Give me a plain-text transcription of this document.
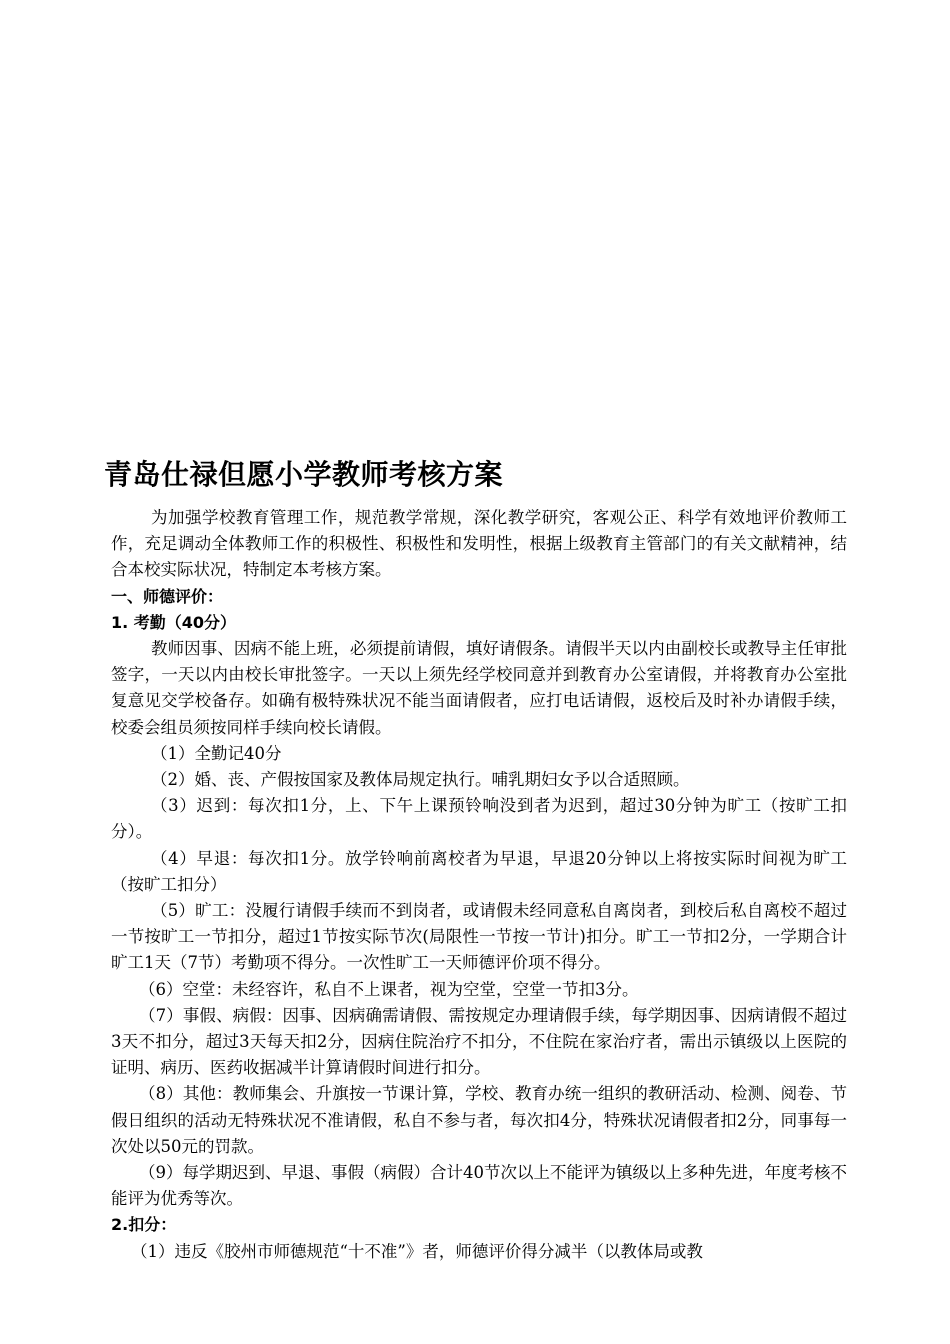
青岛仕禄但愿小学教师考核方案

为加强学校教育管理工作，规范教学常规，深化教学研究，客观公正、科学有效地评价教师工作，充足调动全体教师工作的积极性、积极性和发明性，根据上级教育主管部门的有关文献精神，结合本校实际状况，特制定本考核方案。

一、师德评价：

1. 考勤（40分）

教师因事、因病不能上班，必须提前请假，填好请假条。请假半天以内由副校长或教导主任审批签字，一天以内由校长审批签字。一天以上须先经学校同意并到教育办公室请假，并将教育办公室批复意见交学校备存。如确有极特殊状况不能当面请假者，应打电话请假，返校后及时补办请假手续，校委会组员须按同样手续向校长请假。

（1）全勤记40分

（2）婚、丧、产假按国家及教体局规定执行。哺乳期妇女予以合适照顾。

（3）迟到：每次扣1分，上、下午上课预铃响没到者为迟到，超过30分钟为旷工（按旷工扣分）。

（4）早退：每次扣1分。放学铃响前离校者为早退，早退20分钟以上将按实际时间视为旷工（按旷工扣分）

（5）旷工：没履行请假手续而不到岗者，或请假未经同意私自离岗者，到校后私自离校不超过一节按旷工一节扣分，超过1节按实际节次(局限性一节按一节计)扣分。旷工一节扣2分，一学期合计旷工1天（7节）考勤项不得分。一次性旷工一天师德评价项不得分。

（6）空堂：未经容许，私自不上课者，视为空堂，空堂一节扣3分。

（7）事假、病假：因事、因病确需请假、需按规定办理请假手续，每学期因事、因病请假不超过3天不扣分，超过3天每天扣2分，因病住院治疗不扣分，不住院在家治疗者，需出示镇级以上医院的证明、病历、医药收据减半计算请假时间进行扣分。

（8）其他：教师集会、升旗按一节课计算，学校、教育办统一组织的教研活动、检测、阅卷、节假日组织的活动无特殊状况不准请假，私自不参与者，每次扣4分，特殊状况请假者扣2分，同事每一次处以50元的罚款。

（9）每学期迟到、早退、事假（病假）合计40节次以上不能评为镇级以上多种先进，年度考核不能评为优秀等次。

2.扣分：

（1）违反《胶州市师德规范“十不准”》者，师德评价得分减半（以教体局或教
